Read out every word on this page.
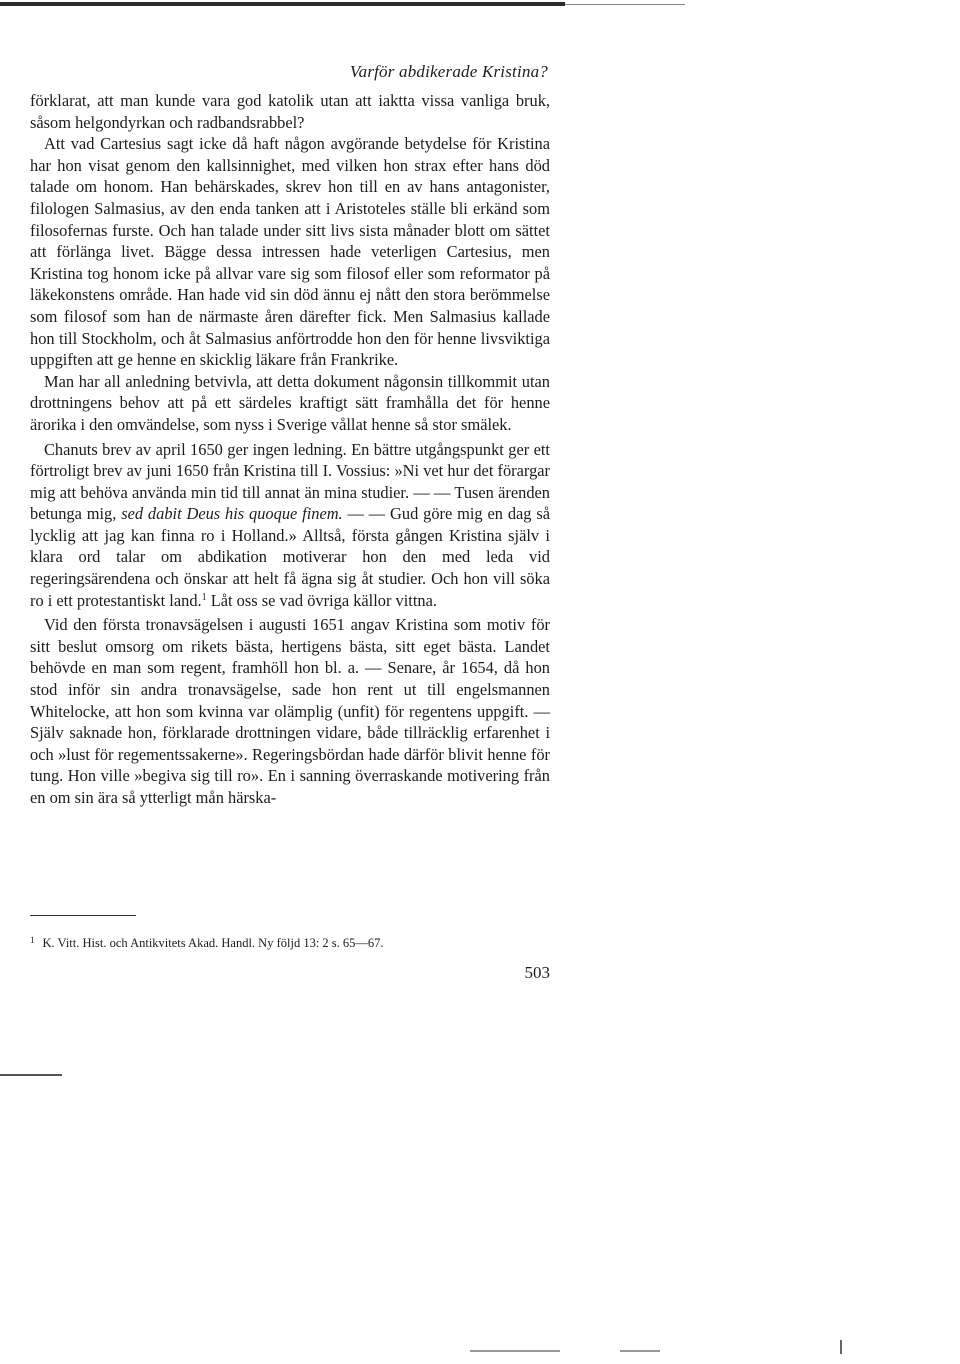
Varför abdikerade Kristina?

förklarat, att man kunde vara god katolik utan att iaktta vissa vanliga bruk, såsom helgondyrkan och radbandsrabbel?

Att vad Cartesius sagt icke då haft någon avgörande betydelse för Kristina har hon visat genom den kallsinnighet, med vilken hon strax efter hans död talade om honom. Han behärskades, skrev hon till en av hans antagonister, filologen Salmasius, av den enda tanken att i Aristoteles ställe bli erkänd som filosofernas furste. Och han talade under sitt livs sista månader blott om sättet att förlänga livet. Bägge dessa intressen hade veterligen Cartesius, men Kristina tog honom icke på allvar vare sig som filosof eller som reformator på läkekonstens område. Han hade vid sin död ännu ej nått den stora berömmelse som filosof som han de närmaste åren därefter fick. Men Salmasius kallade hon till Stockholm, och åt Salmasius anförtrodde hon den för henne livsviktiga uppgiften att ge henne en skicklig läkare från Frankrike.

Man har all anledning betvivla, att detta dokument någonsin tillkommit utan drottningens behov att på ett särdeles kraftigt sätt framhålla det för henne ärorika i den omvändelse, som nyss i Sverige vållat henne så stor smälek.

Chanuts brev av april 1650 ger ingen ledning. En bättre utgångspunkt ger ett förtroligt brev av juni 1650 från Kristina till I. Vossius: »Ni vet hur det förargar mig att behöva använda min tid till annat än mina studier. — — Tusen ärenden betunga mig, sed dabit Deus his quoque finem. — — Gud göre mig en dag så lycklig att jag kan finna ro i Holland.» Alltså, första gången Kristina själv i klara ord talar om abdikation motiverar hon den med leda vid regeringsärendena och önskar att helt få ägna sig åt studier. Och hon vill söka ro i ett protestantiskt land.$^1$ Låt oss se vad övriga källor vittna.

Vid den första tronavsägelsen i augusti 1651 angav Kristina som motiv för sitt beslut omsorg om rikets bästa, hertigens bästa, sitt eget bästa. Landet behövde en man som regent, framhöll hon bl. a. — Senare, år 1654, då hon stod inför sin andra tronavsägelse, sade hon rent ut till engelsmannen Whitelocke, att hon som kvinna var olämplig (unfit) för regentens uppgift. — Själv saknade hon, förklarade drottningen vidare, både tillräcklig erfarenhet i och »lust för regementssakerne». Regeringsbördan hade därför blivit henne för tung. Hon ville »begiva sig till ro». En i sanning överraskande motivering från en om sin ära så ytterligt mån härska-

$^1$ K. Vitt. Hist. och Antikvitets Akad. Handl. Ny följd 13: 2 s. 65—67.
503
